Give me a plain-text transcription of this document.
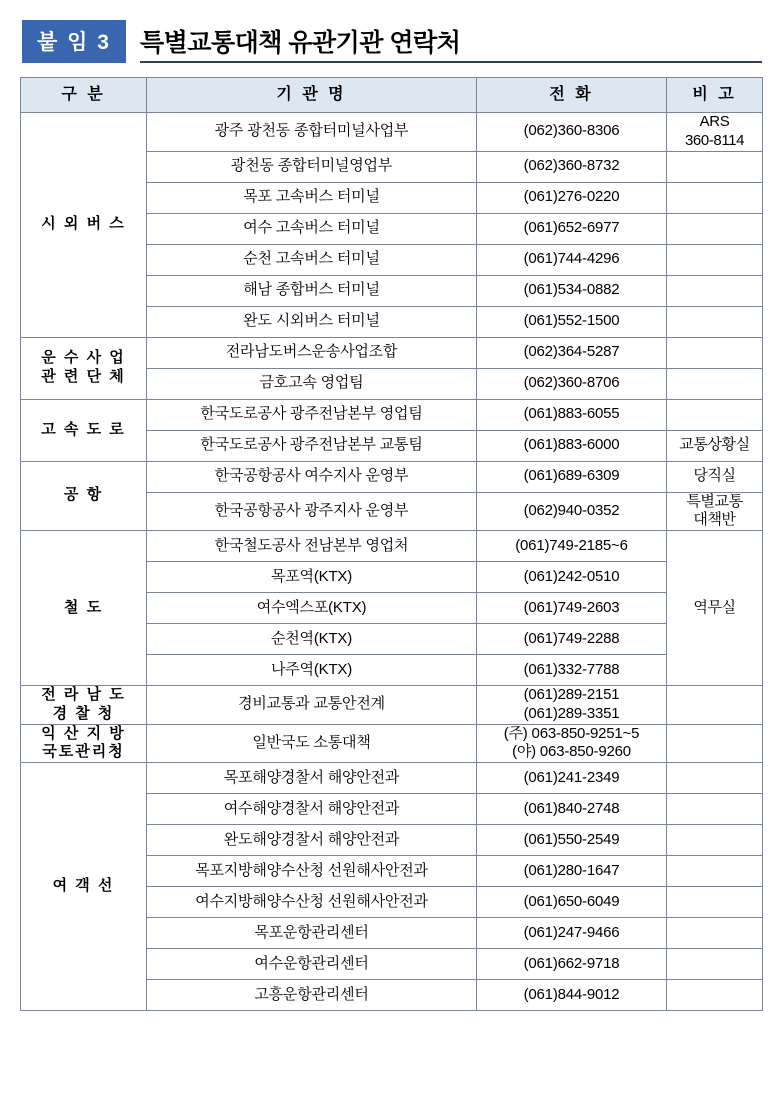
붙 임 3	특별교통대책 유관기관 연락처
구 분	기 관 명	전 화	비 고

시 외 버 스	광주 광천동 종합터미널사업부	(062)360-8306	ARS
360-8114

	광천동 종합터미널영업부	(062)360-8732	

	목포 고속버스 터미널	(061)276-0220	

	여수 고속버스 터미널	(061)652-6977	

	순천 고속버스 터미널	(061)744-4296	

	해남 종합버스 터미널	(061)534-0882	

	완도 시외버스 터미널	(061)552-1500	

운 수 사 업
관 련 단 체	전라남도버스운송사업조합	(062)364-5287	

	금호고속 영업팀	(062)360-8706	

고 속 도 로	한국도로공사 광주전남본부 영업팀	(061)883-6055	

	한국도로공사 광주전남본부 교통팀	(061)883-6000	교통상황실

공 항	한국공항공사 여수지사 운영부	(061)689-6309	당직실

	한국공항공사 광주지사 운영부	(062)940-0352	특별교통
대책반

철 도	한국철도공사 전남본부 영업처	(061)749-2185~6	역무실

	목포역(KTX)	(061)242-0510	

	여수엑스포(KTX)	(061)749-2603	

	순천역(KTX)	(061)749-2288	

	나주역(KTX)	(061)332-7788	

전 라 남 도
경 찰 청	경비교통과 교통안전계	(061)289-2151
(061)289-3351	

익 산 지 방
국토관리청	일반국도 소통대책	(주) 063-850-9251~5
(야) 063-850-9260	

여 객 선	목포해양경찰서 해양안전과	(061)241-2349	

	여수해양경찰서 해양안전과	(061)840-2748	

	완도해양경찰서 해양안전과	(061)550-2549	

	목포지방해양수산청 선원해사안전과	(061)280-1647	

	여수지방해양수산청 선원해사안전과	(061)650-6049	

	목포운항관리센터	(061)247-9466	

	여수운항관리센터	(061)662-9718	

	고흥운항관리센터	(061)844-9012	
